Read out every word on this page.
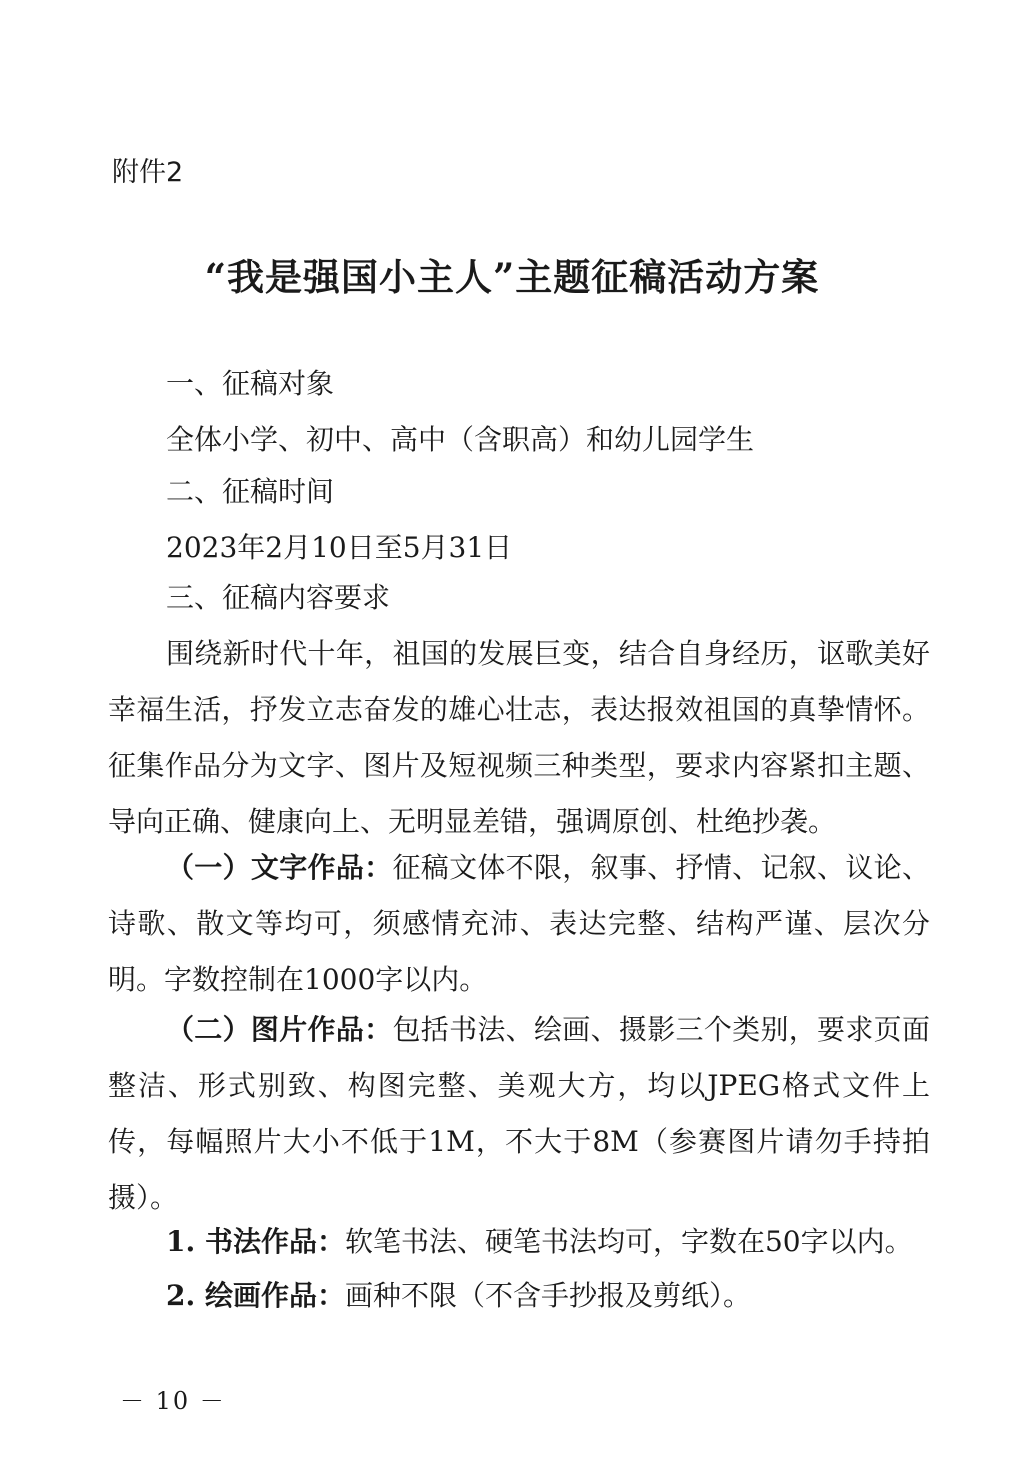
附件2
“我是强国小主人”主题征稿活动方案

一、征稿对象

全体小学、初中、高中（含职高）和幼儿园学生

二、征稿时间

2023年2月10日至5月31日

三、征稿内容要求

围绕新时代十年，祖国的发展巨变，结合自身经历，讴歌美好幸福生活，抒发立志奋发的雄心壮志，表达报效祖国的真挚情怀。 征集作品分为文字、图片及短视频三种类型，要求内容紧扣主题、导向正确、健康向上、无明显差错，强调原创、杜绝抄袭。

（一）文字作品：征稿文体不限，叙事、抒情、记叙、议论、诗歌、散文等均可，须感情充沛、表达完整、结构严谨、层次分明。字数控制在1000字以内。

（二）图片作品：包括书法、绘画、摄影三个类别，要求页面整洁、形式别致、构图完整、美观大方，均以JPEG格式文件上传，每幅照片大小不低于1M，不大于8M（参赛图片请勿手持拍摄）。

1. 书法作品：软笔书法、硬笔书法均可，字数在50字以内。

2. 绘画作品：画种不限（不含手抄报及剪纸）。

－ 10 －
